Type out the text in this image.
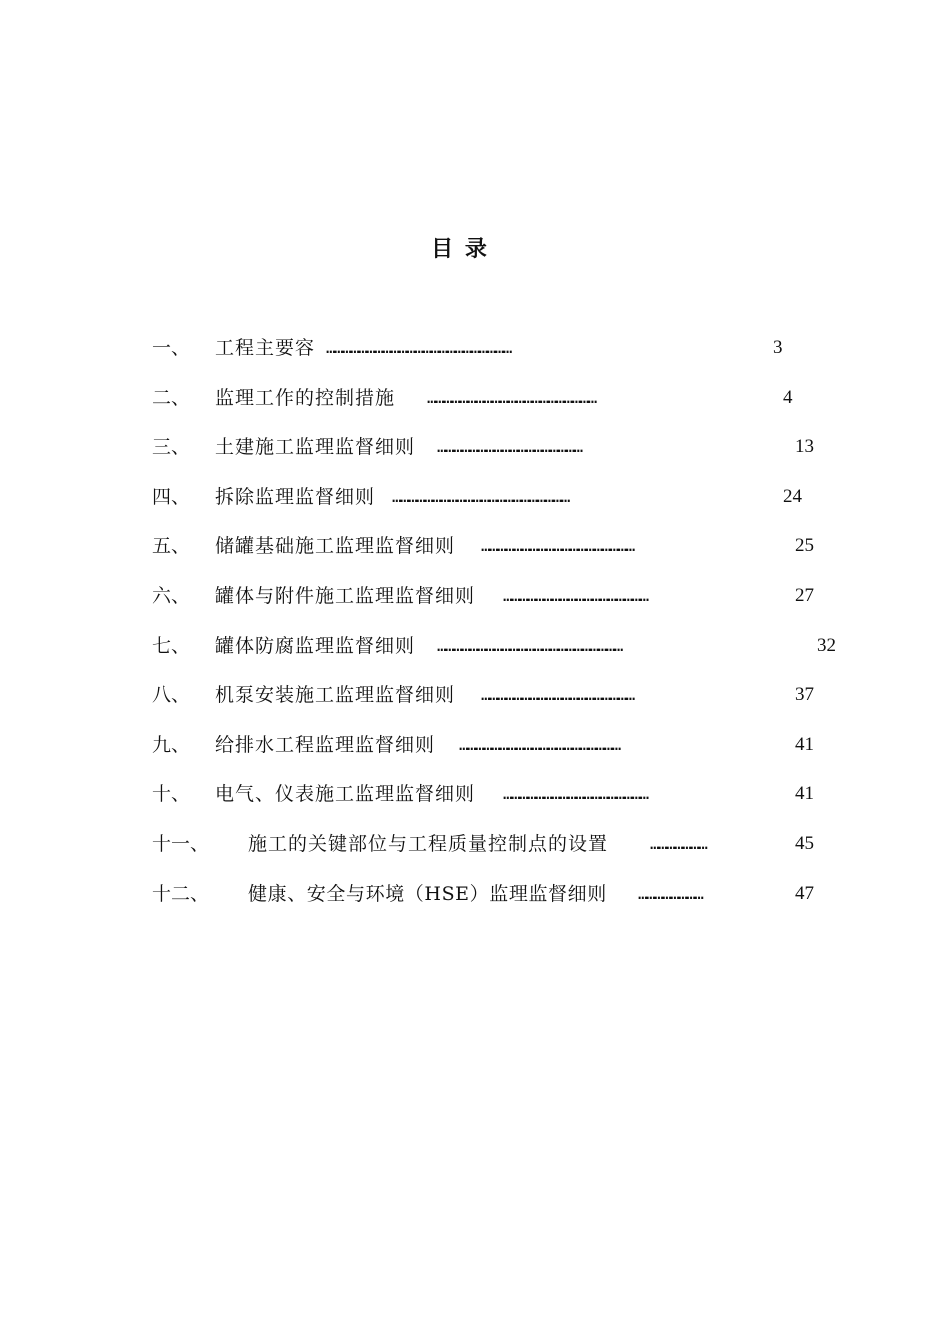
目 录
一、 工程主要容 ……………………………………………………………	3
二、 监理工作的控制措施 ………………………………………………………	4
三、 土建施工监理监督细则 ………………………………………………	13
四、 拆除监理监督细则 …………………………………………………………	24
五、 储罐基础施工监理监督细则 …………………………………………………	25
六、 罐体与附件施工监理监督细则 ………………………………………………	27
七、 罐体防腐监理监督细则 ……………………………………………………………	32
八、 机泵安装施工监理监督细则 …………………………………………………	37
九、 给排水工程监理监督细则 ……………………………………………………	41
十、 电气、仪表施工监理监督细则 ………………………………………………	41
十一、 施工的关键部位与工程质量控制点的设置	…………………	45
十二、 健康、安全与环境（HSE）监理监督细则 ……………………	47
